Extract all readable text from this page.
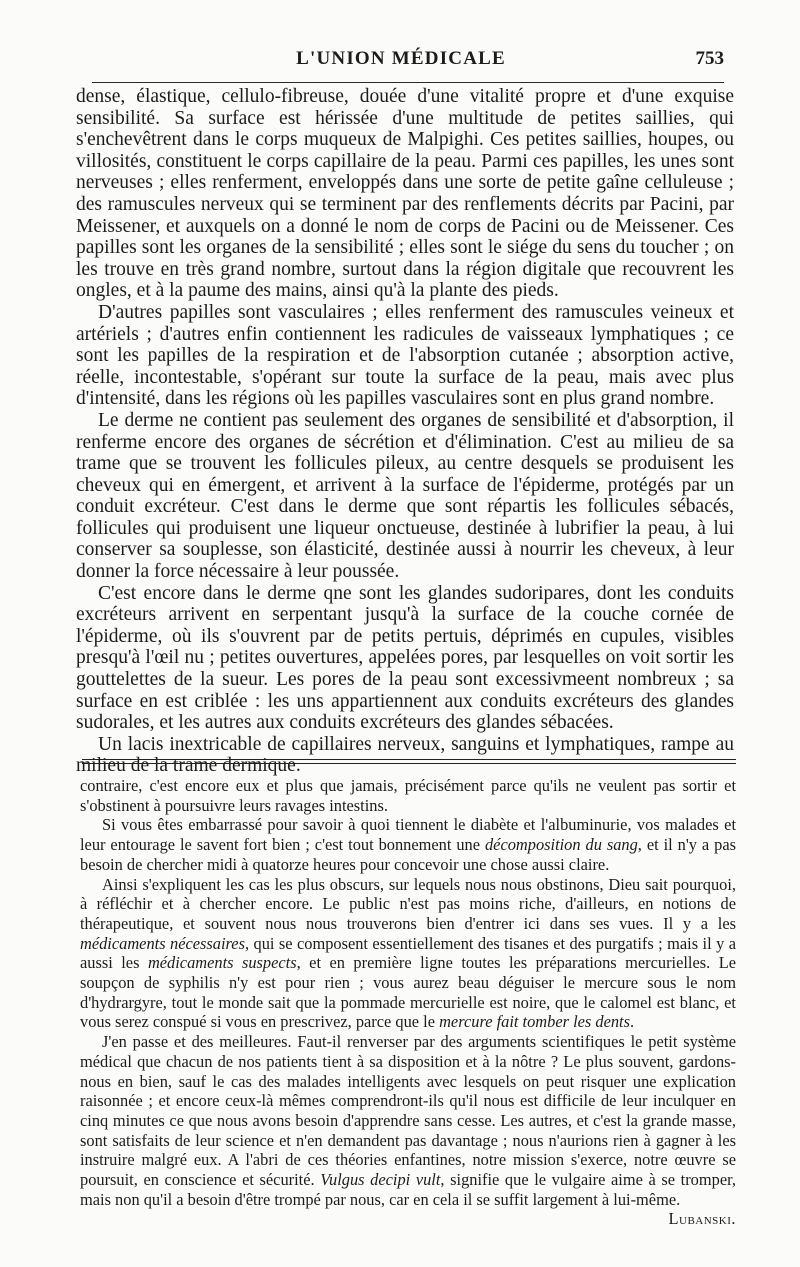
L'UNION MÉDICALE	753

dense, élastique, cellulo-fibreuse, douée d'une vitalité propre et d'une exquise sensibilité. Sa surface est hérissée d'une multitude de petites saillies, qui s'enchevêtrent dans le corps muqueux de Malpighi. Ces petites saillies, houpes, ou villosités, constituent le corps capillaire de la peau. Parmi ces papilles, les unes sont nerveuses ; elles renferment, enveloppés dans une sorte de petite gaîne celluleuse ; des ramuscules nerveux qui se terminent par des renflements décrits par Pacini, par Meissener, et auxquels on a donné le nom de corps de Pacini ou de Meissener. Ces papilles sont les organes de la sensibilité ; elles sont le siége du sens du toucher ; on les trouve en très grand nombre, surtout dans la région digitale que recouvrent les ongles, et à la paume des mains, ainsi qu'à la plante des pieds.

D'autres papilles sont vasculaires ; elles renferment des ramuscules veineux et artériels ; d'autres enfin contiennent les radicules de vaisseaux lymphatiques ; ce sont les papilles de la respiration et de l'absorption cutanée ; absorption active, réelle, incontestable, s'opérant sur toute la surface de la peau, mais avec plus d'intensité, dans les régions où les papilles vasculaires sont en plus grand nombre.

Le derme ne contient pas seulement des organes de sensibilité et d'absorption, il renferme encore des organes de sécrétion et d'élimination. C'est au milieu de sa trame que se trouvent les follicules pileux, au centre desquels se produisent les cheveux qui en émergent, et arrivent à la surface de l'épiderme, protégés par un conduit excréteur. C'est dans le derme que sont répartis les follicules sébacés, follicules qui produisent une liqueur onctueuse, destinée à lubrifier la peau, à lui conserver sa souplesse, son élasticité, destinée aussi à nourrir les cheveux, à leur donner la force nécessaire à leur poussée.

C'est encore dans le derme qne sont les glandes sudoripares, dont les conduits excréteurs arrivent en serpentant jusqu'à la surface de la couche cornée de l'épiderme, où ils s'ouvrent par de petits pertuis, déprimés en cupules, visibles presqu'à l'œil nu ; petites ouvertures, appelées pores, par lesquelles on voit sortir les gouttelettes de la sueur. Les pores de la peau sont excessivmeent nombreux ; sa surface en est criblée : les uns appartiennent aux conduits excréteurs des glandes sudorales, et les autres aux conduits excréteurs des glandes sébacées.

Un lacis inextricable de capillaires nerveux, sanguins et lymphatiques, rampe au milieu de la trame dermique.

contraire, c'est encore eux et plus que jamais, précisément parce qu'ils ne veulent pas sortir et s'obstinent à poursuivre leurs ravages intestins.

Si vous êtes embarrassé pour savoir à quoi tiennent le diabète et l'albuminurie, vos malades et leur entourage le savent fort bien ; c'est tout bonnement une décomposition du sang, et il n'y a pas besoin de chercher midi à quatorze heures pour concevoir une chose aussi claire.

Ainsi s'expliquent les cas les plus obscurs, sur lequels nous nous obstinons, Dieu sait pourquoi, à réfléchir et à chercher encore. Le public n'est pas moins riche, d'ailleurs, en notions de thérapeutique, et souvent nous nous trouverons bien d'entrer ici dans ses vues. Il y a les médicaments nécessaires, qui se composent essentiellement des tisanes et des purgatifs ; mais il y a aussi les médicaments suspects, et en première ligne toutes les préparations mercurielles. Le soupçon de syphilis n'y est pour rien ; vous aurez beau déguiser le mercure sous le nom d'hydrargyre, tout le monde sait que la pommade mercurielle est noire, que le calomel est blanc, et vous serez conspué si vous en prescrivez, parce que le mercure fait tomber les dents.

J'en passe et des meilleures. Faut-il renverser par des arguments scientifiques le petit système médical que chacun de nos patients tient à sa disposition et à la nôtre ? Le plus souvent, gardons-nous en bien, sauf le cas des malades intelligents avec lesquels on peut risquer une explication raisonnée ; et encore ceux-là mêmes comprendront-ils qu'il nous est difficile de leur inculquer en cinq minutes ce que nous avons besoin d'apprendre sans cesse. Les autres, et c'est la grande masse, sont satisfaits de leur science et n'en demandent pas davantage ; nous n'aurions rien à gagner à les instruire malgré eux. A l'abri de ces théories enfantines, notre mission s'exerce, notre œuvre se poursuit, en conscience et sécurité. Vulgus decipi vult, signifie que le vulgaire aime à se tromper, mais non qu'il a besoin d'être trompé par nous, car en cela il se suffit largement à lui-même.
Lubanski.
